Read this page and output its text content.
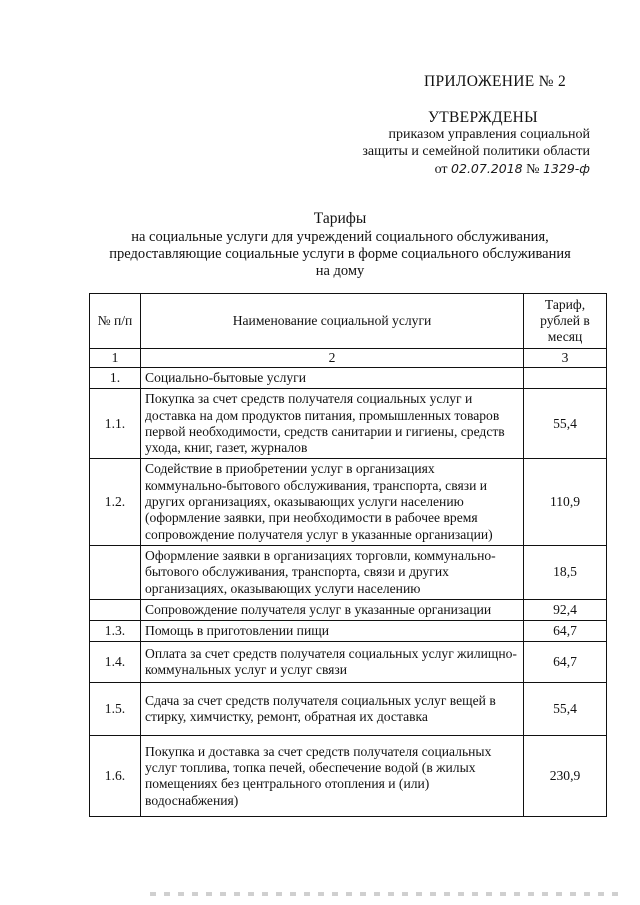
ПРИЛОЖЕНИЕ № 2
УТВЕРЖДЕНЫ
приказом управления социальной
защиты и семейной политики области
от 02.07.2018 № 1329-ф
Тарифы
на социальные услуги для учреждений социального обслуживания,
предоставляющие социальные услуги в форме социального обслуживания
на дому
№ п/п	Наименование социальной услуги	Тариф, рублей в месяц
1	2	3
1.	Социально-бытовые услуги	
1.1.	Покупка за счет средств получателя социальных услуг и доставка на дом продуктов питания, промышленных товаров первой необходимости, средств санитарии и гигиены, средств ухода, книг, газет, журналов	55,4
1.2.	Содействие в приобретении услуг в организациях коммунально-бытового обслуживания, транспорта, связи и других организациях, оказывающих услуги населению (оформление заявки, при необходимости в рабочее время сопровождение получателя услуг в указанные организации)	110,9
	Оформление заявки в организациях торговли, коммунально-бытового обслуживания, транспорта, связи и других организациях, оказывающих услуги населению	18,5
	Сопровождение получателя услуг в указанные организации	92,4
1.3.	Помощь в приготовлении пищи	64,7
1.4.	Оплата за счет средств получателя социальных услуг жилищно-коммунальных услуг и услуг связи	64,7
1.5.	Сдача за счет средств получателя социальных услуг вещей в стирку, химчистку, ремонт, обратная их доставка	55,4
1.6.	Покупка и доставка за счет средств получателя социальных услуг топлива, топка печей, обеспечение водой (в жилых помещениях без центрального отопления и (или) водоснабжения)	230,9
